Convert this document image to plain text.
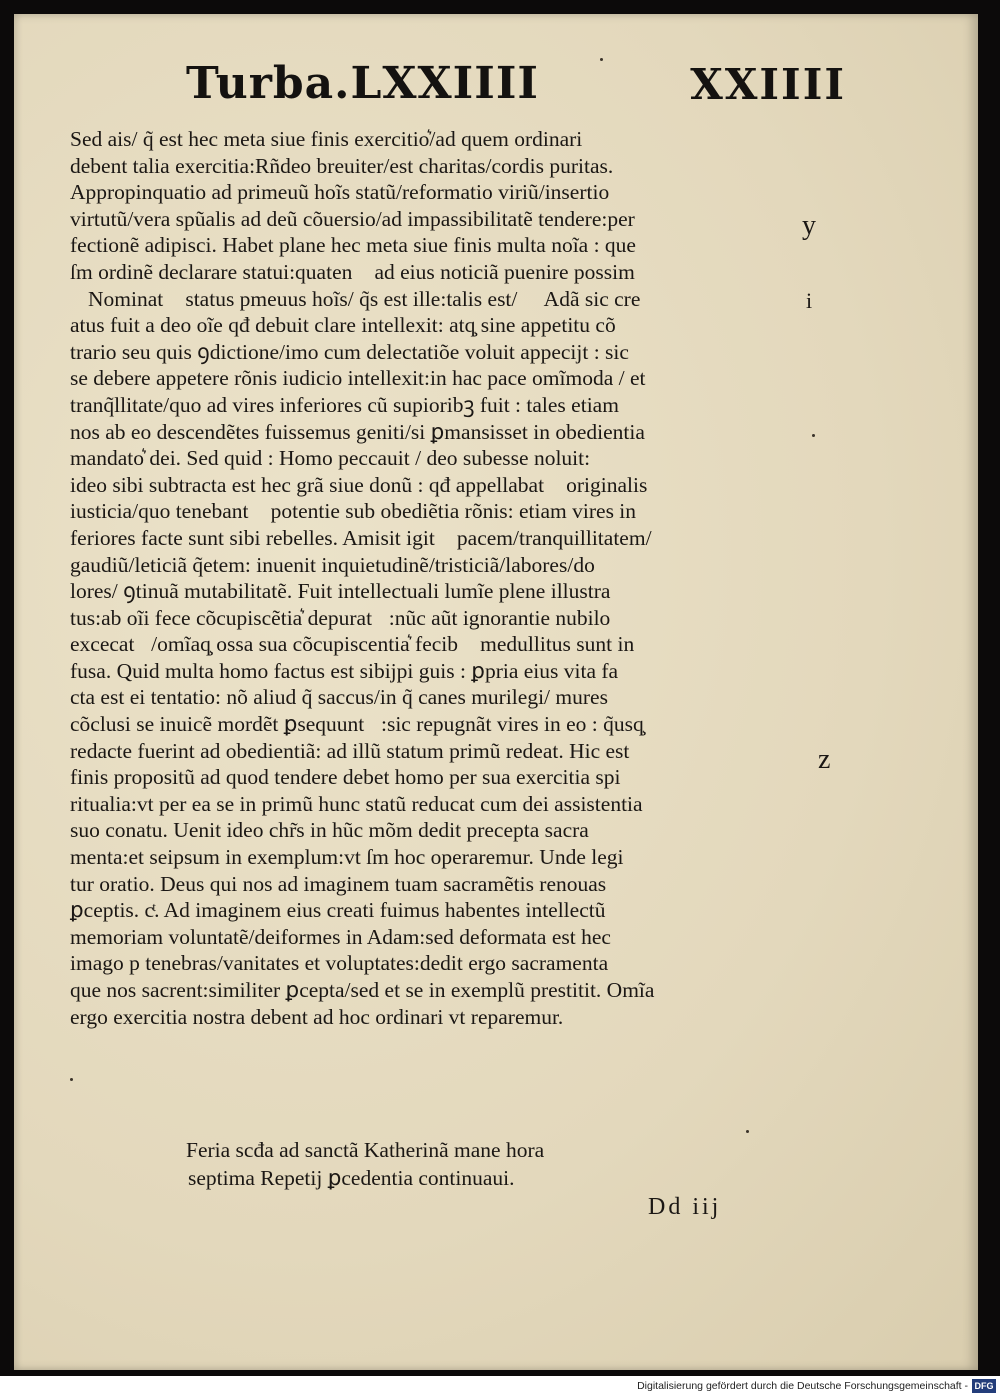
Turba.LXXIIII	XXIIII
Sed ais/ q̃ est hec meta siue finis exercitio͛/ad quem ordinari
debent talia exercitia:Rñdeo breuiter/est charitas/cordis puritas.
Appropinquatio ad primeuũ hoĩs statũ/reformatio viriũ/insertio
virtutũ/vera spũalis ad deũ cõuersio/ad impassibilitatẽ tendere:per
fectionẽ adipisci. Habet plane hec meta siue finis multa noĩa : que
ſm ordinẽ declarare statui:quaten᷒ ad eius noticiã puenire possim᷒
Nominat᷑ status pmeuus hoĩs/ q̃s est ille:talis est/ ꝙ Adã sic cre
atus fuit a deo oĩe qđ debuit clare intellexit: atq̧ sine appetitu cõ
trario seu quis ꝯdictione/imo cum delectatiõe voluit appecijt : sic
se debere appetere rõnis iudicio intellexit:in hac pace omĩmoda / et
tranq̃llitate/quo ad vires inferiores cũ supioribꝫ fuit : tales etiam
nos ab eo descendẽtes fuissemus geniti/si ꝑmansisset in obedientia
mandato͛ dei. Sed quid : Homo peccauit / deo subesse noluit:
ideo sibi subtracta est hec grã siue donũ : qđ appellabat᷑ originalis
iusticia/quo tenebant᷑ potentie sub obediẽtia rõnis: etiam vires in
feriores facte sunt sibi rebelles. Amisit igit᷑ pacem/tranquillitatem/
gaudiũ/leticiã q̃etem: inuenit inquietudinẽ/tristiciã/labores/do
lores/ ꝯtinuã mutabilitatẽ. Fuit intellectuali lumĩe plene illustra
tus:ab oĩi fece cõcupiscẽtia͛ depurat᷒:nũc aũt ignorantie nubilo
excecat᷒/omĩaq̧ ossa sua cõcupiscentia͛ fecibꝫ medullitus sunt in
fusa. Quid multa homo factus est sibijpi guis : ꝑpria eius vita fa
cta est ei tentatio: nõ aliud q̃ saccus/in q̃ canes murilegi/ mures
cõclusi se inuicẽ mordẽt ꝑsequunt᷑:sic repugnãt vires in eo : q̃usq̧
redacte fuerint ad obedientiã: ad illũ statum primũ redeat. Hic est
finis propositũ ad quod tendere debet homo per sua exercitia spi
ritualia:vt per ea se in primũ hunc statũ reducat cum dei assistentia
suo conatu. Uenit ideo chr̃s in hũc mõm dedit precepta sacra
menta:et seipsum in exemplum:vt ſm hoc operaremur. Unde legi
tur oratio. Deus qui nos ad imaginem tuam sacramẽtis renouas
ꝑceptis. cͭ. Ad imaginem eius creati fuimus habentes intellectũ
memoriam voluntatẽ/deiformes in Adam:sed deformata est hec
imago p tenebras/vanitates et voluptates:dedit ergo sacramenta
que nos sacrent:similiter ꝑcepta/sed et se in exemplũ prestitit. Omĩa
ergo exercitia nostra debent ad hoc ordinari vt reparemur.
y
i
z
Feria scđa ad sanctã Katherinã mane hora
septima Repetij ꝑcedentia continuaui.
Dd iij
Digitalisierung gefördert durch die Deutsche Forschungsgemeinschaft - DFG
